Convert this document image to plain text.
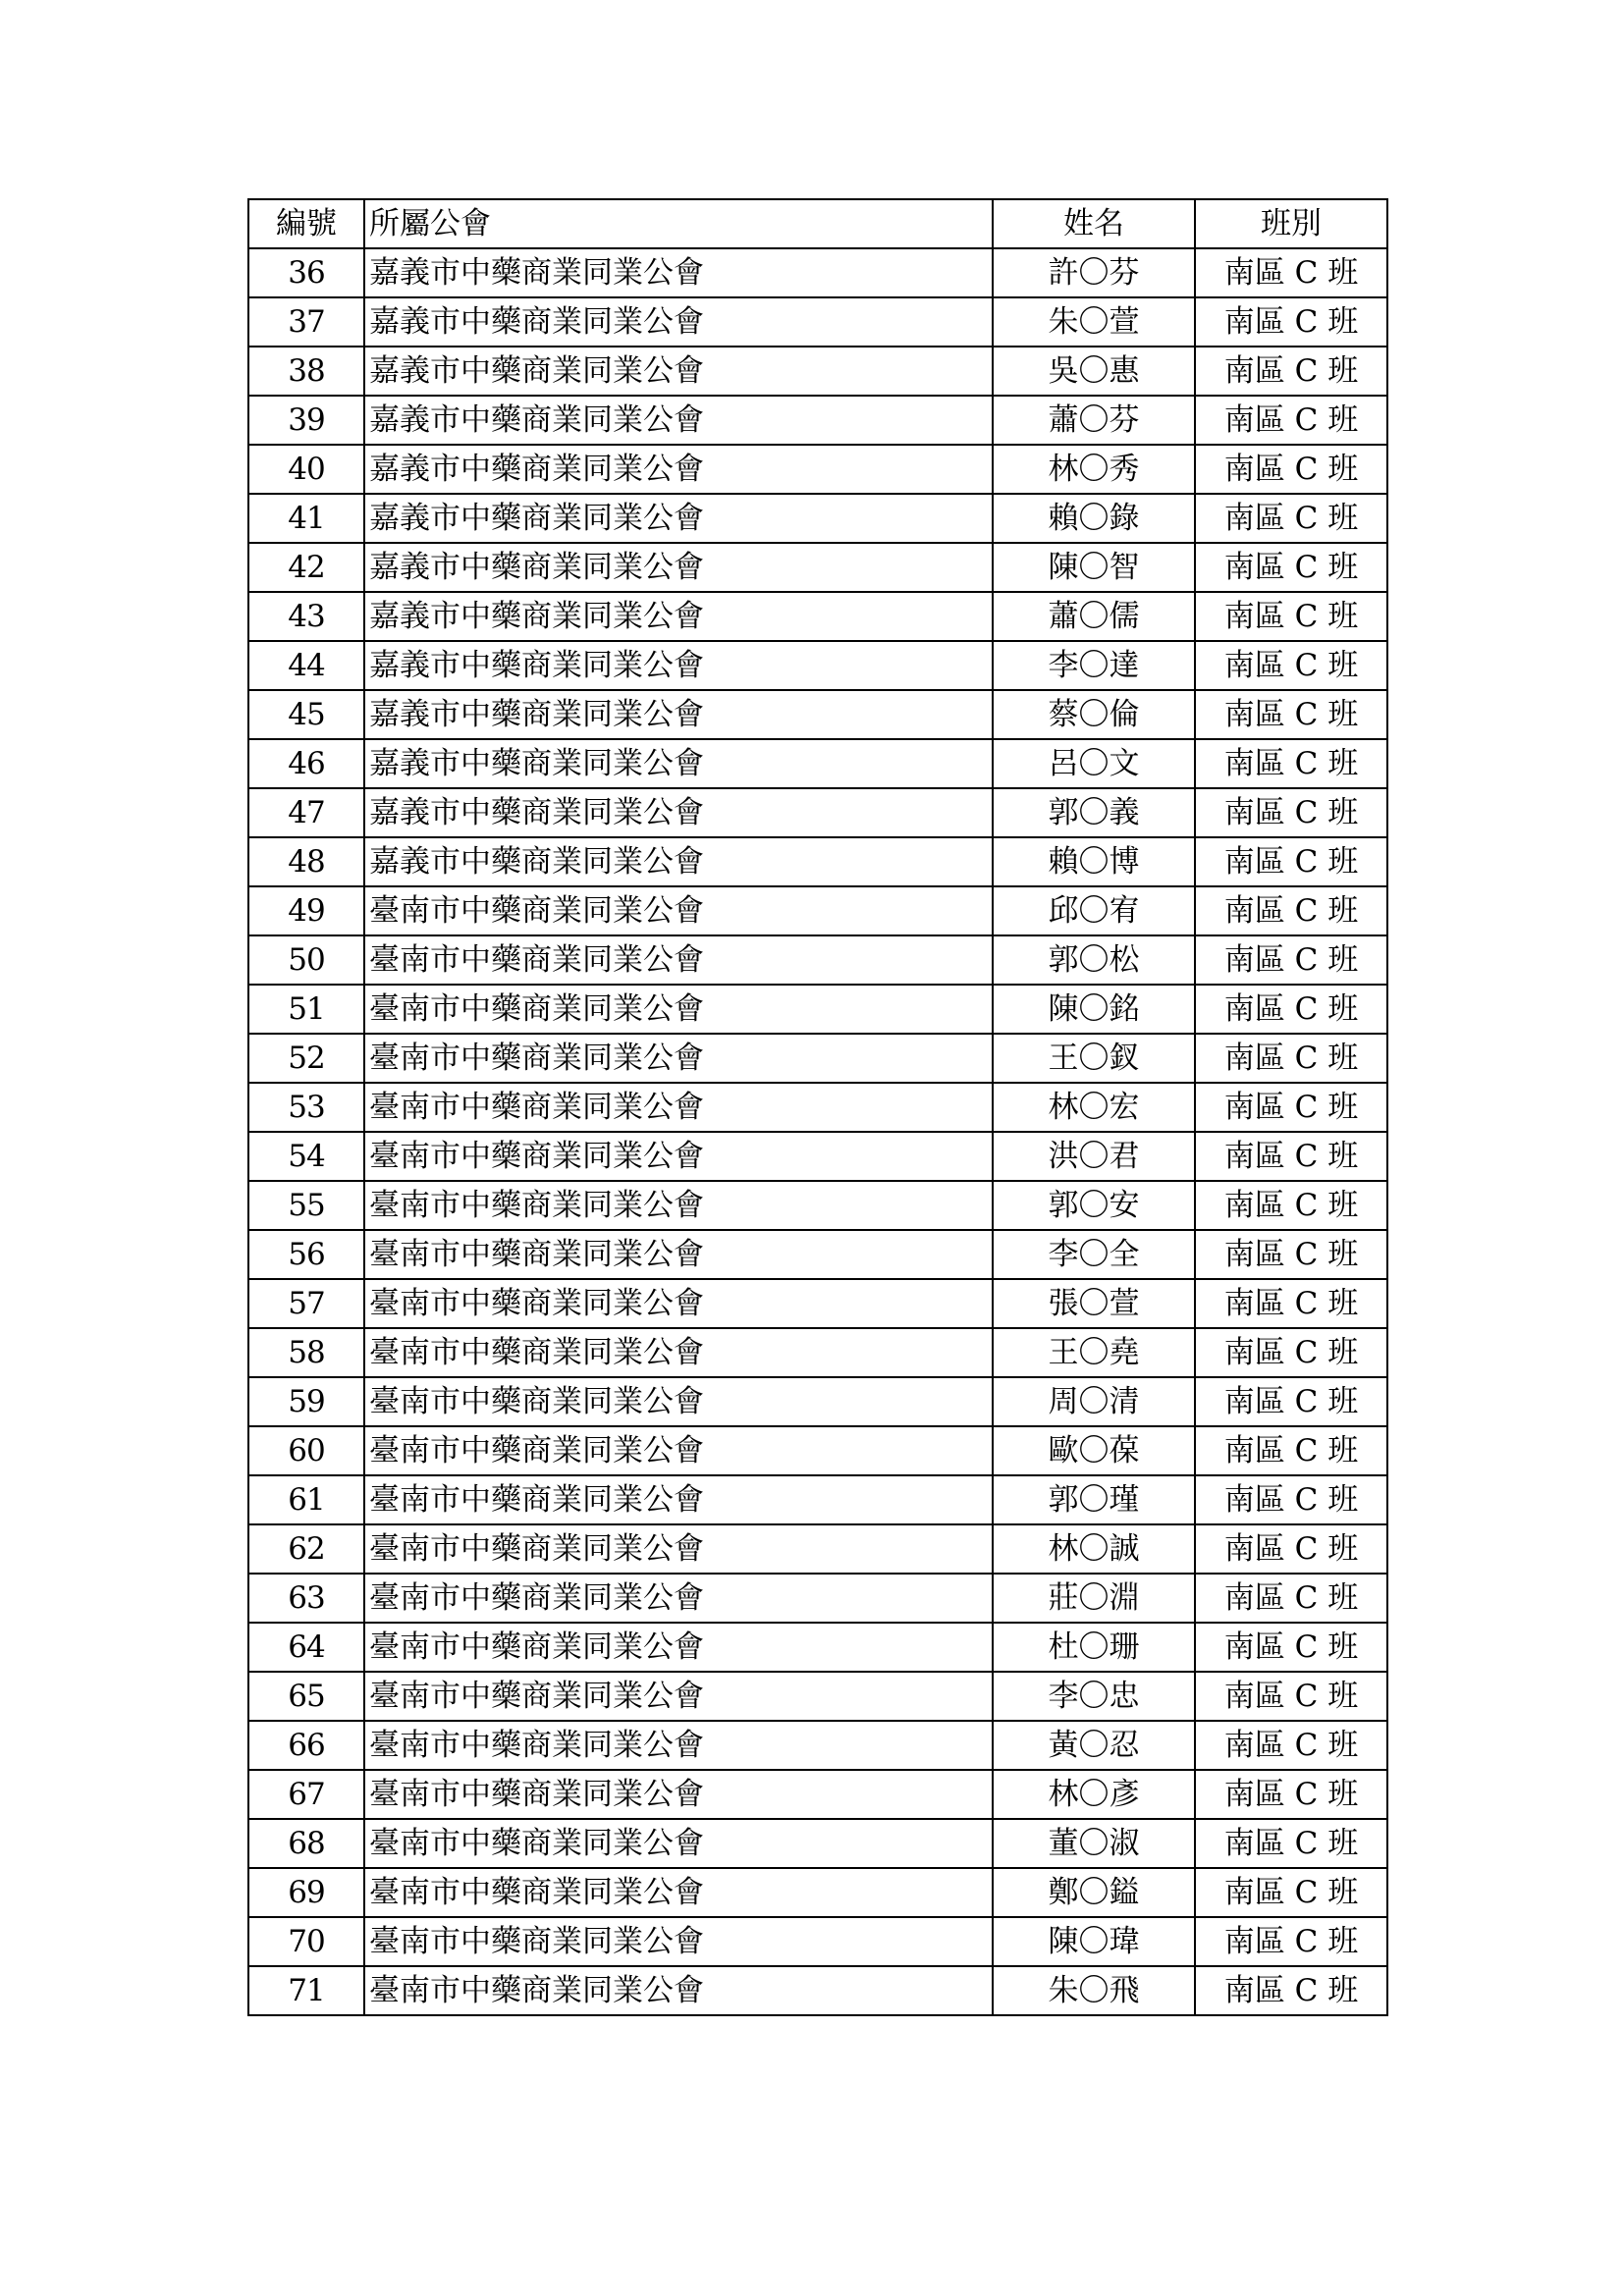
編號	所屬公會	姓名	班別
36	嘉義市中藥商業同業公會	許〇芬	南區 C 班
37	嘉義市中藥商業同業公會	朱〇萱	南區 C 班
38	嘉義市中藥商業同業公會	吳〇惠	南區 C 班
39	嘉義市中藥商業同業公會	蕭〇芬	南區 C 班
40	嘉義市中藥商業同業公會	林〇秀	南區 C 班
41	嘉義市中藥商業同業公會	賴〇錄	南區 C 班
42	嘉義市中藥商業同業公會	陳〇智	南區 C 班
43	嘉義市中藥商業同業公會	蕭〇儒	南區 C 班
44	嘉義市中藥商業同業公會	李〇達	南區 C 班
45	嘉義市中藥商業同業公會	蔡〇倫	南區 C 班
46	嘉義市中藥商業同業公會	呂〇文	南區 C 班
47	嘉義市中藥商業同業公會	郭〇義	南區 C 班
48	嘉義市中藥商業同業公會	賴〇博	南區 C 班
49	臺南市中藥商業同業公會	邱〇宥	南區 C 班
50	臺南市中藥商業同業公會	郭〇松	南區 C 班
51	臺南市中藥商業同業公會	陳〇銘	南區 C 班
52	臺南市中藥商業同業公會	王〇釵	南區 C 班
53	臺南市中藥商業同業公會	林〇宏	南區 C 班
54	臺南市中藥商業同業公會	洪〇君	南區 C 班
55	臺南市中藥商業同業公會	郭〇安	南區 C 班
56	臺南市中藥商業同業公會	李〇全	南區 C 班
57	臺南市中藥商業同業公會	張〇萱	南區 C 班
58	臺南市中藥商業同業公會	王〇堯	南區 C 班
59	臺南市中藥商業同業公會	周〇清	南區 C 班
60	臺南市中藥商業同業公會	歐〇葆	南區 C 班
61	臺南市中藥商業同業公會	郭〇瑾	南區 C 班
62	臺南市中藥商業同業公會	林〇誠	南區 C 班
63	臺南市中藥商業同業公會	莊〇淵	南區 C 班
64	臺南市中藥商業同業公會	杜〇珊	南區 C 班
65	臺南市中藥商業同業公會	李〇忠	南區 C 班
66	臺南市中藥商業同業公會	黃〇忍	南區 C 班
67	臺南市中藥商業同業公會	林〇彥	南區 C 班
68	臺南市中藥商業同業公會	董〇淑	南區 C 班
69	臺南市中藥商業同業公會	鄭〇鎰	南區 C 班
70	臺南市中藥商業同業公會	陳〇瑋	南區 C 班
71	臺南市中藥商業同業公會	朱〇飛	南區 C 班
